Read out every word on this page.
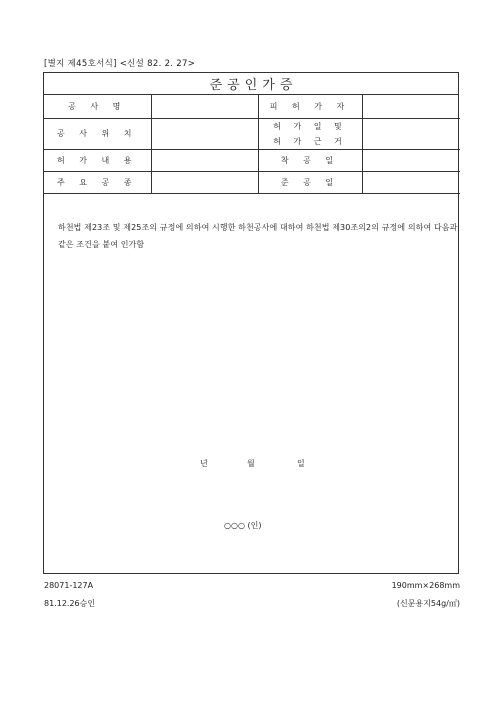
[별지 제45호서식] <신설 82. 2. 27>
준공인가증
공 사 명		피 허 가 자	
공 사 위 치		허 가 일 및
허 가 근 거	

허 가 내 용		착 공 일	
주 요 공 종		준 공 일	
하천법 제23조 및 제25조의 규정에 의하여 시행한 하천공사에 대하여 하천법 제30조의2의 규정에 의하여 다음과 같은 조건을 붙여 인가함
년	월	일
○○○ (인)
28071-127A
81.12.26승인
190mm×268mm
(신문용지54g/㎡)
